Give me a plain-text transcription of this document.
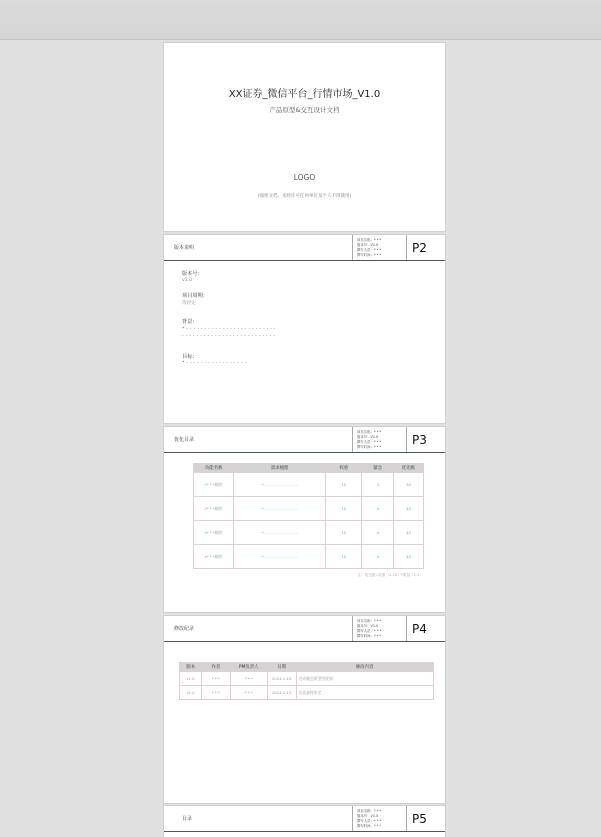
XX证券_微信平台_行情市场_V1.0
产品原型&交互设计文档
LOGO
(保密文档，未经许可任何单位及个人不得使用)
版本说明
项目名称：* * *
版本号：V1.0
撰写人员：* * *
撰写时间：* * *	P2
版本号：
v1.0
项目周期：
待评定
背景：
* - - - - - - - - - - - - - - - - - - - - - - - - -
- - - - - - - - - - - - - - - - - - - - - - - - - -
目标：
* - - - - - - - - - - - - - - - - -
优化目录
项目名称：* * *
版本号：V1.0
撰写人员：* * *
撰写时间：* * *	P3
功能名称	需求梳理	权重	紧急	优先级
1* * *模块	* - - - - - - - - - - - - -	10	3	30
2* * *模块	* - - - - - - - - - - - - -	10	4	40
3* * *模块	* - - - - - - - - - - - - -	10	4	40
4* * *模块	* - - - - - - - - - - - - -	10	4	40
注：优先级=权重（1-10）*紧急（1-5）
修改纪录
项目名称：* * *
版本号：V1.0
撰写人员：* * *
撰写时间：* * *	P4
版本	作者	PM负责人	日期	修改内容
v1.0	* * *	* * *	2014.1.10	完成概念原型图规划
v1.0	* * *	* * *	2014.1.10	完成最终审定
目录
项目名称：* * *
版本号：V1.0
撰写人员：* * *
撰写时间：* * *	P5
